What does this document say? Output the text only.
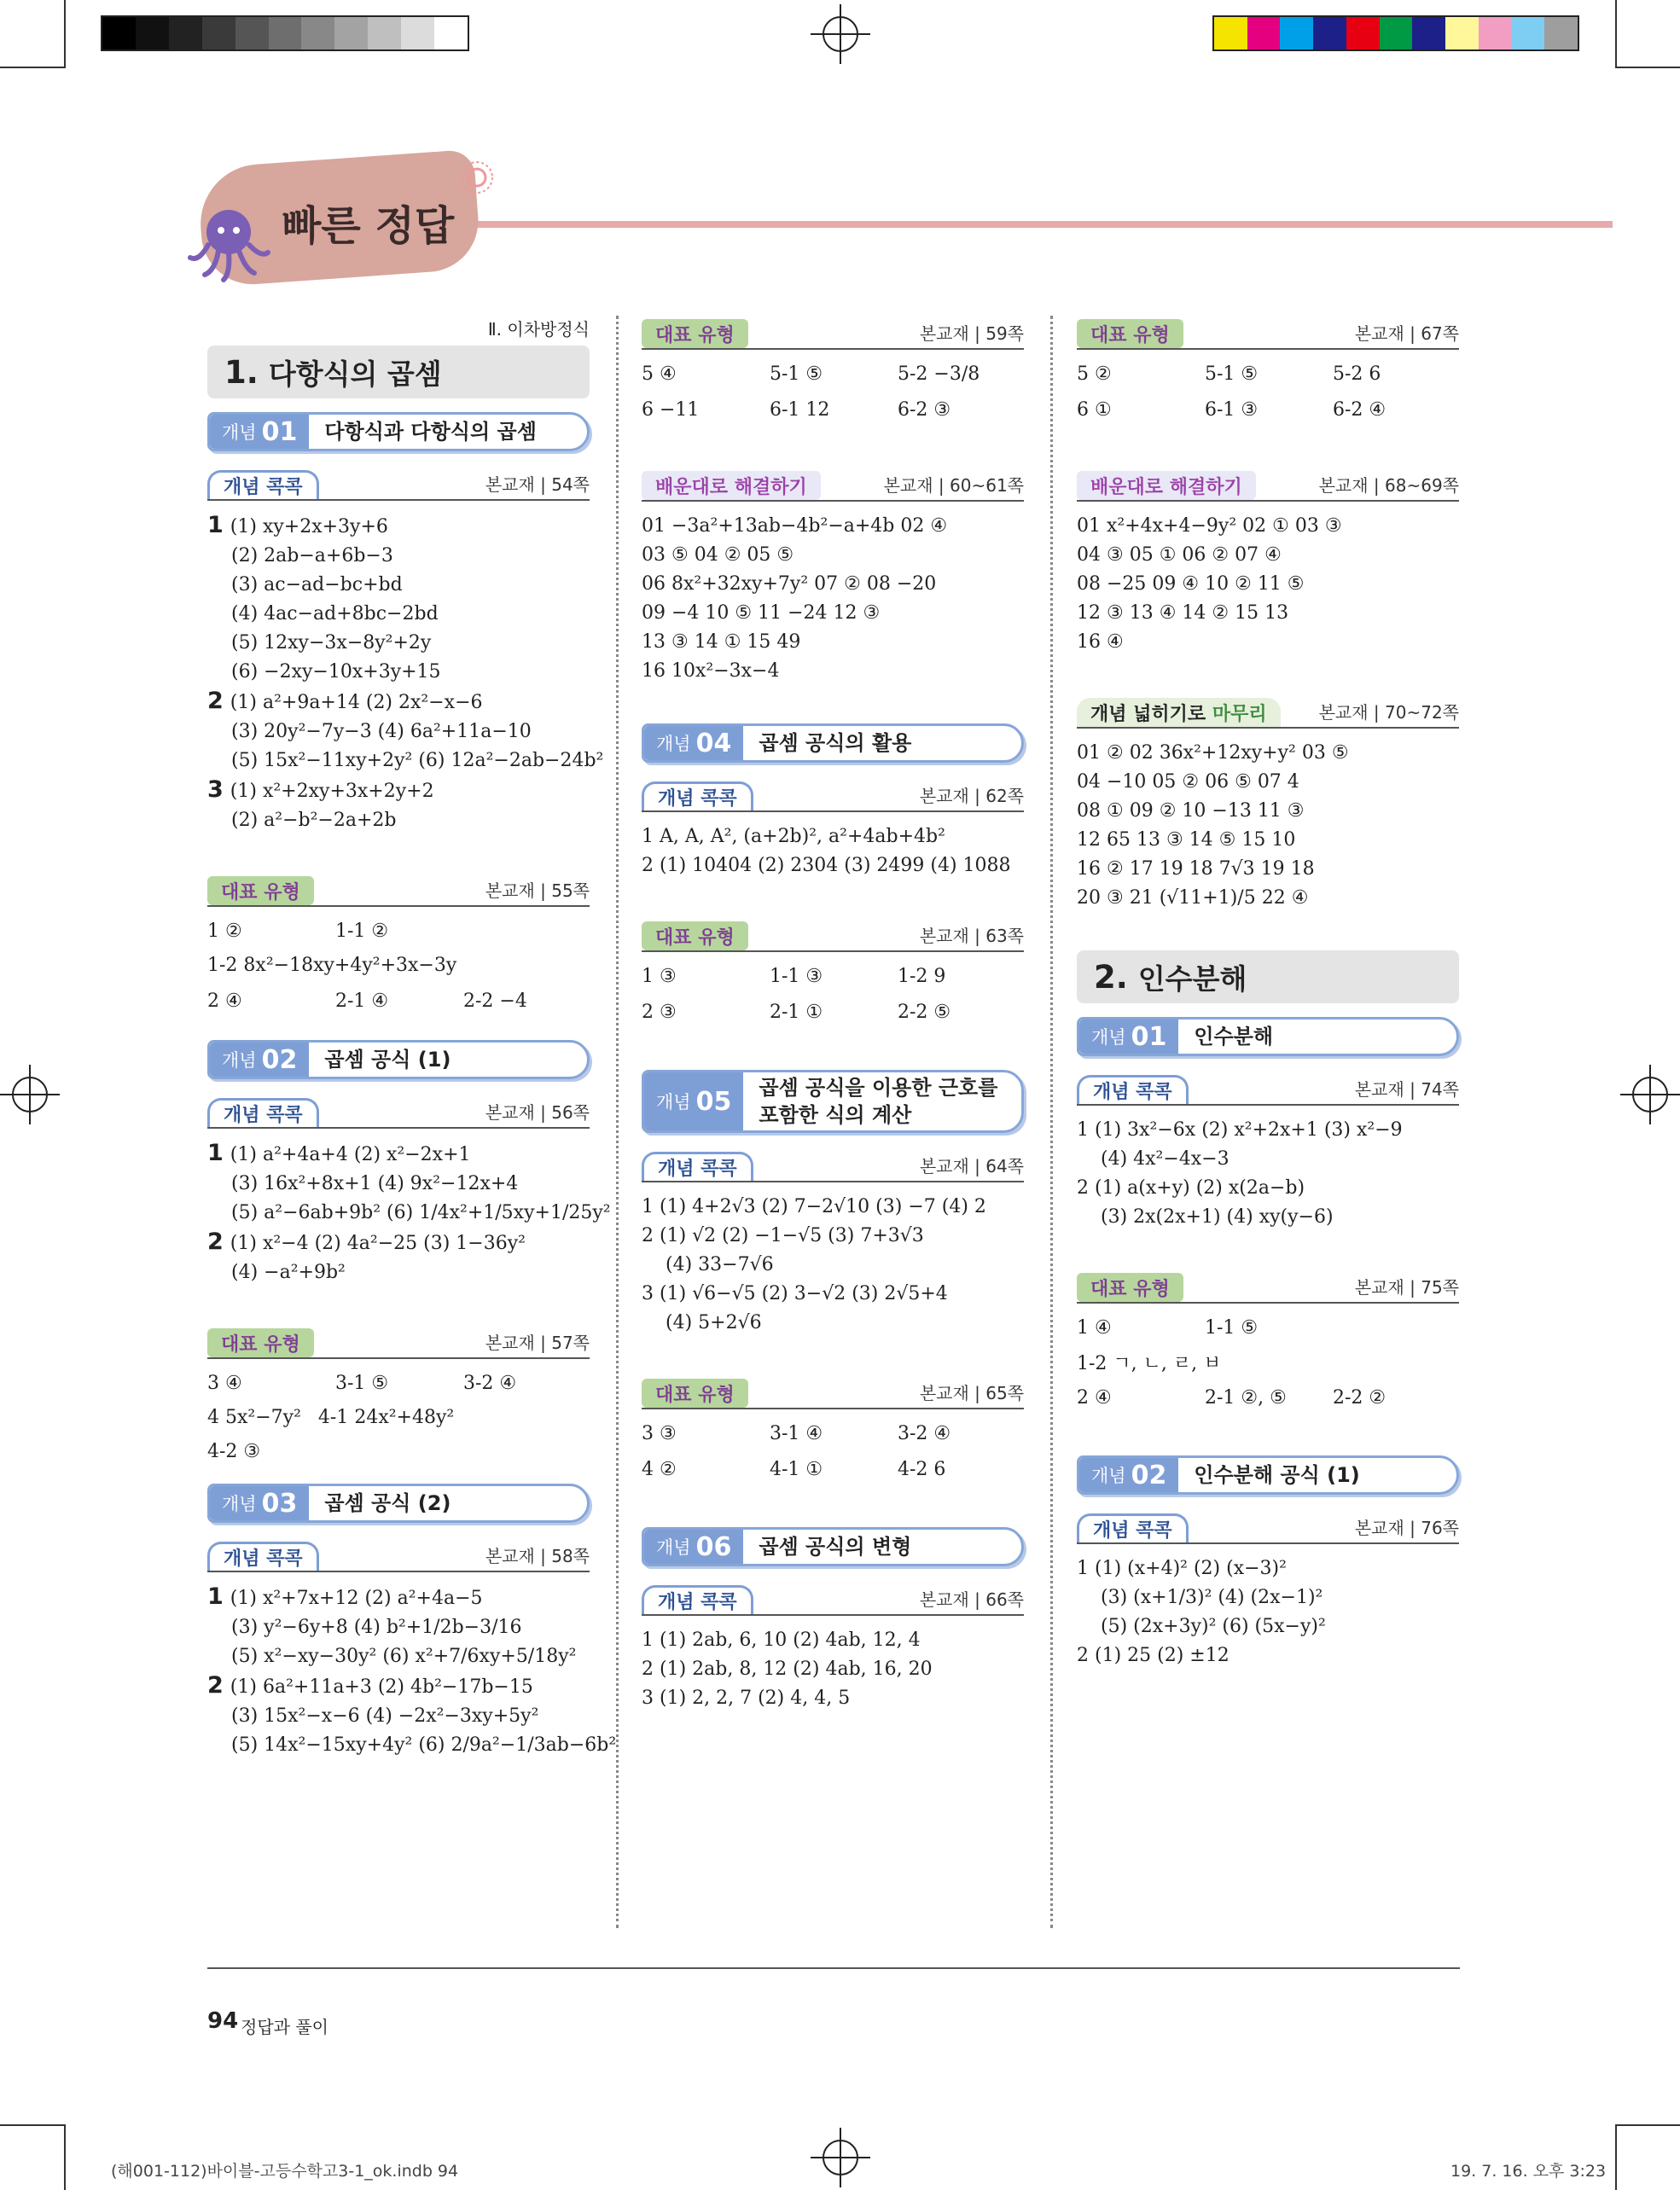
빠른 정답
Ⅱ. 이차방정식
1. 다항식의 곱셈
개념 01	다항식과 다항식의 곱셈
개념 콕콕	본교재 | 54쪽
1 (1) xy+2x+3y+6
(2) 2ab−a+6b−3
(3) ac−ad−bc+bd
(4) 4ac−ad+8bc−2bd
(5) 12xy−3x−8y²+2y
(6) −2xy−10x+3y+15
2 (1) a²+9a+14 (2) 2x²−x−6
(3) 20y²−7y−3 (4) 6a²+11a−10
(5) 15x²−11xy+2y² (6) 12a²−2ab−24b²
3 (1) x²+2xy+3x+2y+2
(2) a²−b²−2a+2b
대표
유형	본교재 | 55쪽
1 ②	1-1 ②
1-2 8x²−18xy+4y²+3x−3y
2 ④	2-1 ④	2-2 −4
개념 02	곱셈 공식 (1)
개념 콕콕	본교재 | 56쪽
1 (1) a²+4a+4 (2) x²−2x+1
(3) 16x²+8x+1 (4) 9x²−12x+4
(5) a²−6ab+9b² (6) 1/4x²+1/5xy+1/25y²
2 (1) x²−4 (2) 4a²−25 (3) 1−36y²
(4) −a²+9b²
대표
유형	본교재 | 57쪽
3 ④	3-1 ⑤	3-2 ④
4 5x²−7y² 4-1 24x²+48y²
4-2 ③
개념 03	곱셈 공식 (2)
개념 콕콕	본교재 | 58쪽
1 (1) x²+7x+12 (2) a²+4a−5
(3) y²−6y+8 (4) b²+1/2b−3/16
(5) x²−xy−30y² (6) x²+7/6xy+5/18y²
2 (1) 6a²+11a+3 (2) 4b²−17b−15
(3) 15x²−x−6 (4) −2x²−3xy+5y²
(5) 14x²−15xy+4y² (6) 2/9a²−1/3ab−6b²
대표
유형	본교재 | 59쪽
5 ④	5-1 ⑤	5-2 −3/8
6 −11	6-1 12	6-2 ③
배운대로
해결하기	본교재 | 60~61쪽
01 −3a²+13ab−4b²−a+4b 02 ④
03 ⑤ 04 ② 05 ⑤
06 8x²+32xy+7y² 07 ② 08 −20
09 −4 10 ⑤ 11 −24 12 ③
13 ③ 14 ① 15 49
16 10x²−3x−4
개념 04	곱셈 공식의 활용
개념 콕콕	본교재 | 62쪽
1 A, A, A², (a+2b)², a²+4ab+4b²
2 (1) 10404 (2) 2304 (3) 2499 (4) 1088
대표
유형	본교재 | 63쪽
1 ③	1-1 ③	1-2 9
2 ③	2-1 ①	2-2 ⑤
개념 05	곱셈 공식을 이용한 근호를
포함한 식의 계산
개념 콕콕	본교재 | 64쪽
1 (1) 4+2√3 (2) 7−2√10 (3) −7 (4) 2
2 (1) √2 (2) −1−√5 (3) 7+3√3
(4) 33−7√6
3 (1) √6−√5 (2) 3−√2 (3) 2√5+4
(4) 5+2√6
대표
유형	본교재 | 65쪽
3 ③	3-1 ④	3-2 ④
4 ②	4-1 ①	4-2 6
개념 06	곱셈 공식의 변형
개념 콕콕	본교재 | 66쪽
1 (1) 2ab, 6, 10 (2) 4ab, 12, 4
2 (1) 2ab, 8, 12 (2) 4ab, 16, 20
3 (1) 2, 2, 7 (2) 4, 4, 5
대표
유형	본교재 | 67쪽
5 ②	5-1 ⑤	5-2 6
6 ①	6-1 ③	6-2 ④
배운대로
해결하기	본교재 | 68~69쪽
01 x²+4x+4−9y² 02 ① 03 ③
04 ③ 05 ① 06 ② 07 ④
08 −25 09 ④ 10 ② 11 ⑤
12 ③ 13 ④ 14 ② 15 13
16 ④
개념 넓히기로
마무리	본교재 | 70~72쪽
01 ② 02 36x²+12xy+y² 03 ⑤
04 −10 05 ② 06 ⑤ 07 4
08 ① 09 ② 10 −13 11 ③
12 65 13 ③ 14 ⑤ 15 10
16 ② 17 19 18 7√3 19 18
20 ③ 21 (√11+1)/5 22 ④
2. 인수분해
개념 01	인수분해
개념 콕콕	본교재 | 74쪽
1 (1) 3x²−6x (2) x²+2x+1 (3) x²−9
(4) 4x²−4x−3
2 (1) a(x+y) (2) x(2a−b)
(3) 2x(2x+1) (4) xy(y−6)
대표
유형	본교재 | 75쪽
1 ④	1-1 ⑤
1-2 ㄱ, ㄴ, ㄹ, ㅂ
2 ④	2-1 ②, ⑤	2-2 ②
개념 02	인수분해 공식 (1)
개념 콕콕	본교재 | 76쪽
1 (1) (x+4)² (2) (x−3)²
(3) (x+1/3)² (4) (2x−1)²
(5) (2x+3y)² (6) (5x−y)²
2 (1) 25 (2) ±12
94 정답과 풀이
(해001-112)바이블-고등수학고3-1_ok.indb 94	19. 7. 16. 오후 3:23
